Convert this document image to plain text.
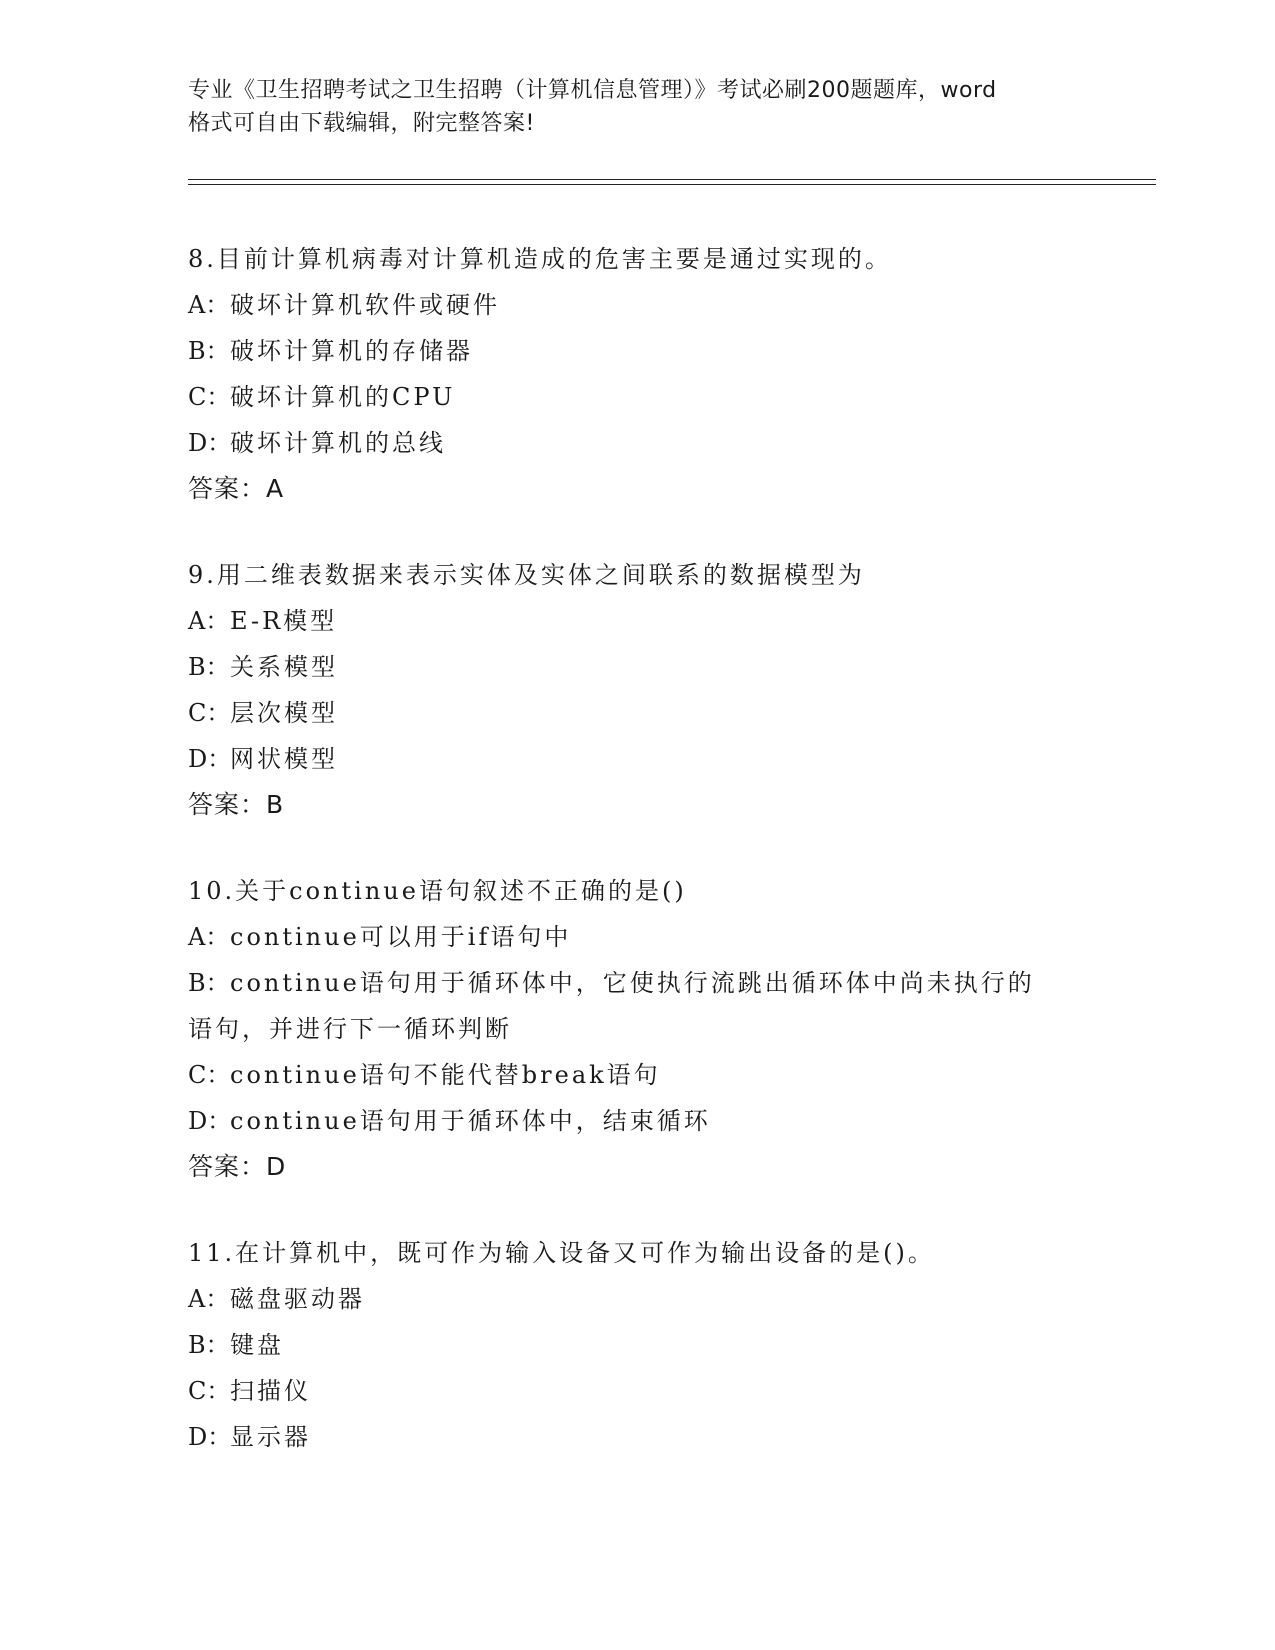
专业《卫生招聘考试之卫生招聘（计算机信息管理）》考试必刷200题题库，word
格式可自由下载编辑，附完整答案!
8.目前计算机病毒对计算机造成的危害主要是通过实现的。
A：破坏计算机软件或硬件
B：破坏计算机的存储器
C：破坏计算机的CPU
D：破坏计算机的总线
答案：A
9.用二维表数据来表示实体及实体之间联系的数据模型为
A：E-R模型
B：关系模型
C：层次模型
D：网状模型
答案：B
10.关于continue语句叙述不正确的是()
A：continue可以用于if语句中
B：continue语句用于循环体中，它使执行流跳出循环体中尚未执行的
语句，并进行下一循环判断
C：continue语句不能代替break语句
D：continue语句用于循环体中，结束循环
答案：D
11.在计算机中，既可作为输入设备又可作为输出设备的是()。
A：磁盘驱动器
B：键盘
C：扫描仪
D：显示器
